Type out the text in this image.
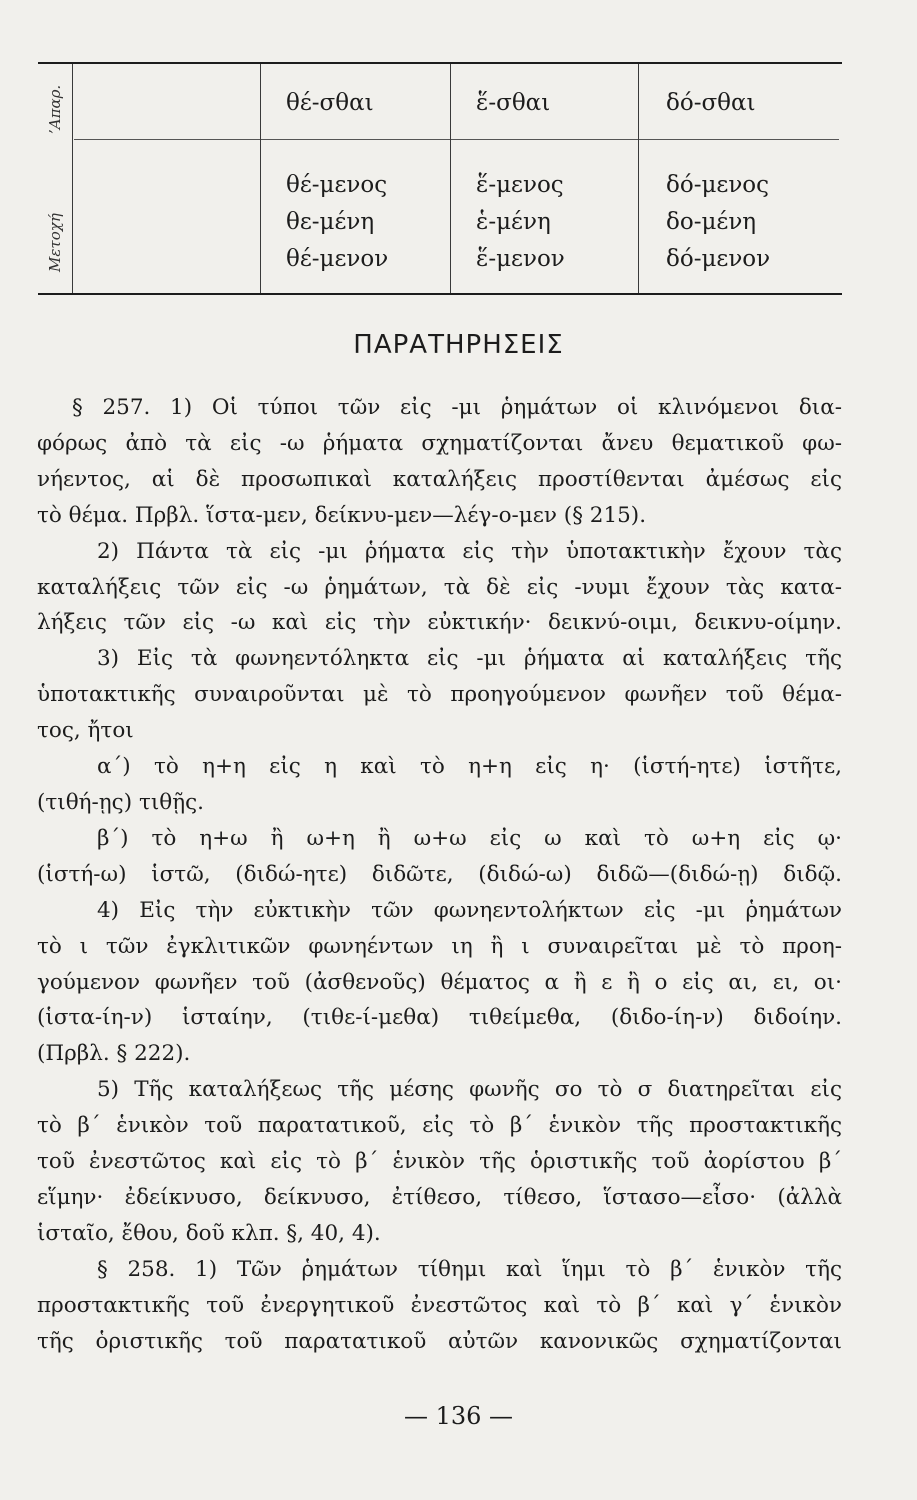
’Απαρ.
Μετοχή
θέ-σθαι	ἕ-σθαι	δό-σθαι
θέ-μενος
θε-μένη
θέ-μενον
ἕ-μενος
ἑ-μένη
ἕ-μενον
δό-μενος
δο-μένη
δό-μενον
ΠΑΡΑΤΗΡΗΣΕΙΣ
§ 257. 1) Οἱ τύποι τῶν εἰς -μι ῥημάτων οἱ κλινόμενοι δια-
φόρως ἀπὸ τὰ εἰς -ω ῥήματα σχηματίζονται ἄνευ θεματικοῦ φω-
νήεντος, αἱ δὲ προσωπικαὶ καταλήξεις προστίθενται ἀμέσως εἰς
τὸ θέμα. Πρβλ. ἵστα-μεν, δείκνυ-μεν—λέγ-ο-μεν (§ 215).
2) Πάντα τὰ εἰς -μι ῥήματα εἰς τὴν ὑποτακτικὴν ἔχουν τὰς
καταλήξεις τῶν εἰς -ω ῥημάτων, τὰ δὲ εἰς -νυμι ἔχουν τὰς κατα-
λήξεις τῶν εἰς -ω καὶ εἰς τὴν εὐκτικήν· δεικνύ-οιμι, δεικνυ-οίμην.
3) Εἰς τὰ φωνηεντόληκτα εἰς -μι ῥήματα αἱ καταλήξεις τῆς
ὑποτακτικῆς συναιροῦνται μὲ τὸ προηγούμενον φωνῆεν τοῦ θέμα-
τος, ἤτοι
α΄) τὸ η+η εἰς η καὶ τὸ η+η εἰς η· (ἱστή-ητε) ἱστῆτε,
(τιθή-ῃς) τιθῇς.
β΄) τὸ η+ω ἢ ω+η ἢ ω+ω εἰς ω καὶ τὸ ω+η εἰς ῳ·
(ἱστή-ω) ἱστῶ, (διδώ-ητε) διδῶτε, (διδώ-ω) διδῶ—(διδώ-ῃ) διδῷ.
4) Εἰς τὴν εὐκτικὴν τῶν φωνηεντολήκτων εἰς -μι ῥημάτων
τὸ ι τῶν ἐγκλιτικῶν φωνηέντων ιη ἢ ι συναιρεῖται μὲ τὸ προη-
γούμενον φωνῆεν τοῦ (ἀσθενοῦς) θέματος α ἢ ε ἢ ο εἰς αι, ει, οι·
(ἱστα-ίη-ν) ἱσταίην, (τιθε-ί-μεθα) τιθείμεθα, (διδο-ίη-ν) διδοίην.
(Πρβλ. § 222).
5) Τῆς καταλήξεως τῆς μέσης φωνῆς σο τὸ σ διατηρεῖται εἰς
τὸ β΄ ἑνικὸν τοῦ παρατατικοῦ, εἰς τὸ β΄ ἑνικὸν τῆς προστακτικῆς
τοῦ ἐνεστῶτος καὶ εἰς τὸ β΄ ἑνικὸν τῆς ὁριστικῆς τοῦ ἀορίστου β΄
εἵμην· ἐδείκνυσο, δείκνυσο, ἐτίθεσο, τίθεσο, ἵστασο—εἶσο· (ἀλλὰ
ἱσταῖο, ἔθου, δοῦ κλπ. §, 40, 4).
§ 258. 1) Τῶν ῥημάτων τίθημι καὶ ἵημι τὸ β΄ ἑνικὸν τῆς
προστακτικῆς τοῦ ἐνεργητικοῦ ἐνεστῶτος καὶ τὸ β΄ καὶ γ΄ ἑνικὸν
τῆς ὁριστικῆς τοῦ παρατατικοῦ αὐτῶν κανονικῶς σχηματίζονται
— 136 —
